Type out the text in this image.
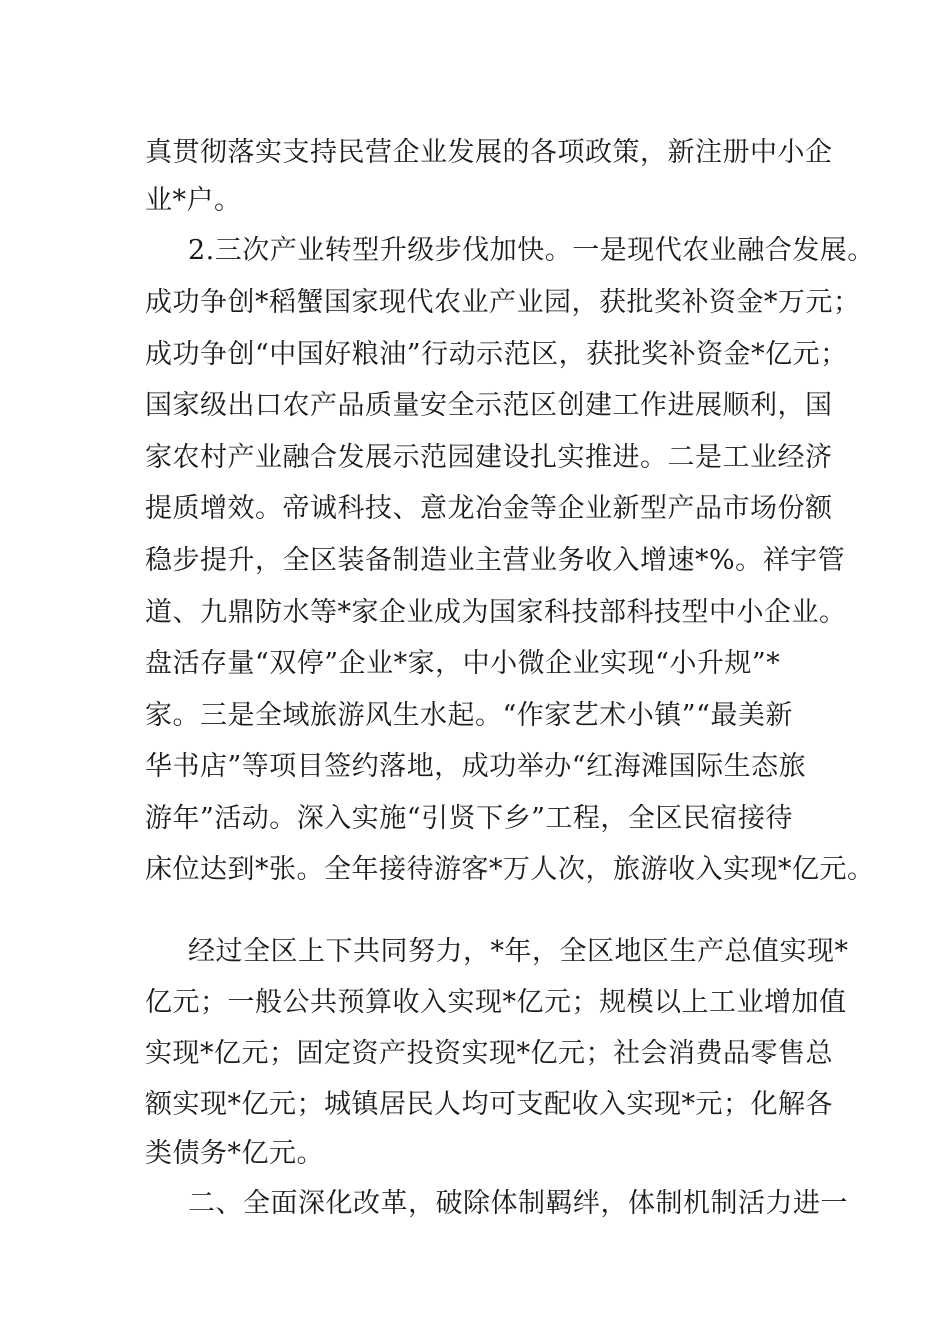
真贯彻落实支持民营企业发展的各项政策，新注册中小企
业*户。
2.三次产业转型升级步伐加快。一是现代农业融合发展。
成功争创*稻蟹国家现代农业产业园，获批奖补资金*万元；
成功争创“中国好粮油”行动示范区，获批奖补资金*亿元；
国家级出口农产品质量安全示范区创建工作进展顺利，国
家农村产业融合发展示范园建设扎实推进。二是工业经济
提质增效。帝诚科技、意龙冶金等企业新型产品市场份额
稳步提升，全区装备制造业主营业务收入增速*%。祥宇管
道、九鼎防水等*家企业成为国家科技部科技型中小企业。
盘活存量“双停”企业*家，中小微企业实现“小升规”*
家。三是全域旅游风生水起。“作家艺术小镇”“最美新
华书店”等项目签约落地，成功举办“红海滩国际生态旅
游年”活动。深入实施“引贤下乡”工程，全区民宿接待
床位达到*张。全年接待游客*万人次，旅游收入实现*亿元。
经过全区上下共同努力，*年，全区地区生产总值实现*
亿元；一般公共预算收入实现*亿元；规模以上工业增加值
实现*亿元；固定资产投资实现*亿元；社会消费品零售总
额实现*亿元；城镇居民人均可支配收入实现*元；化解各
类债务*亿元。
二、全面深化改革，破除体制羁绊，体制机制活力进一
